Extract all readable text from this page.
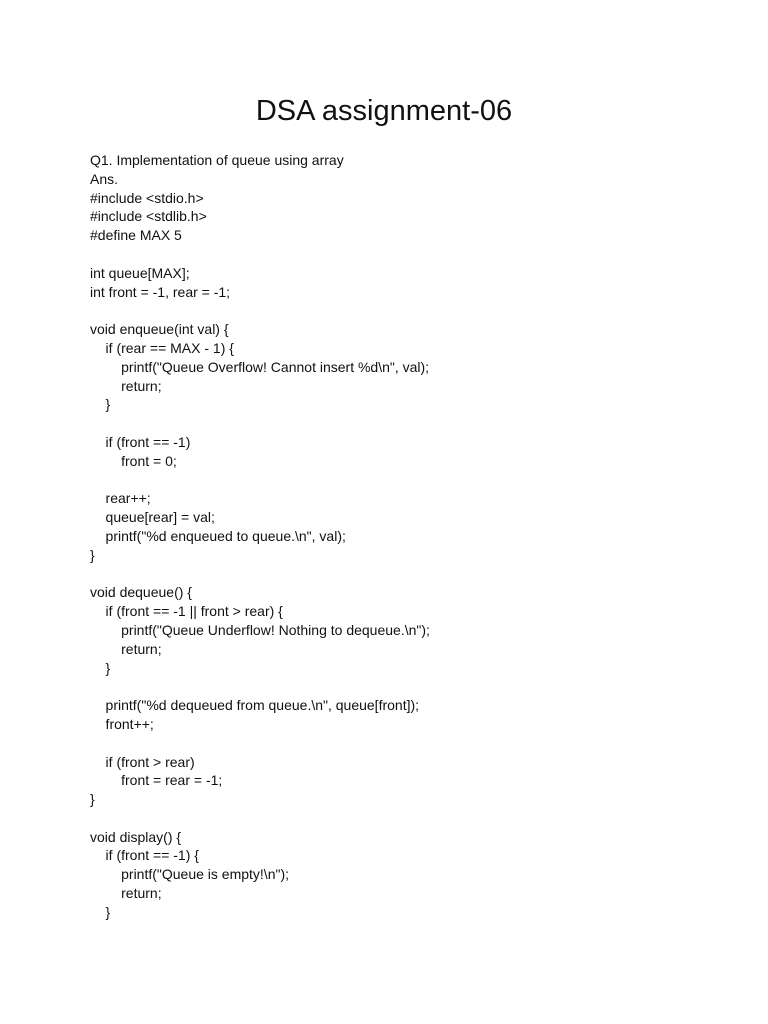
DSA assignment-06

Q1. Implementation of queue using array

Ans.

#include <stdio.h>

#include <stdlib.h>

#define MAX 5

int queue[MAX];

int front = -1, rear = -1;

void enqueue(int val) {

if (rear == MAX - 1) {

printf("Queue Overflow! Cannot insert %d\n", val);

return;

}

if (front == -1)

front = 0;

rear++;

queue[rear] = val;

printf("%d enqueued to queue.\n", val);

}

void dequeue() {

if (front == -1 || front > rear) {

printf("Queue Underflow! Nothing to dequeue.\n");

return;

}

printf("%d dequeued from queue.\n", queue[front]);

front++;

if (front > rear)

front = rear = -1;

}

void display() {

if (front == -1) {

printf("Queue is empty!\n");

return;

}
